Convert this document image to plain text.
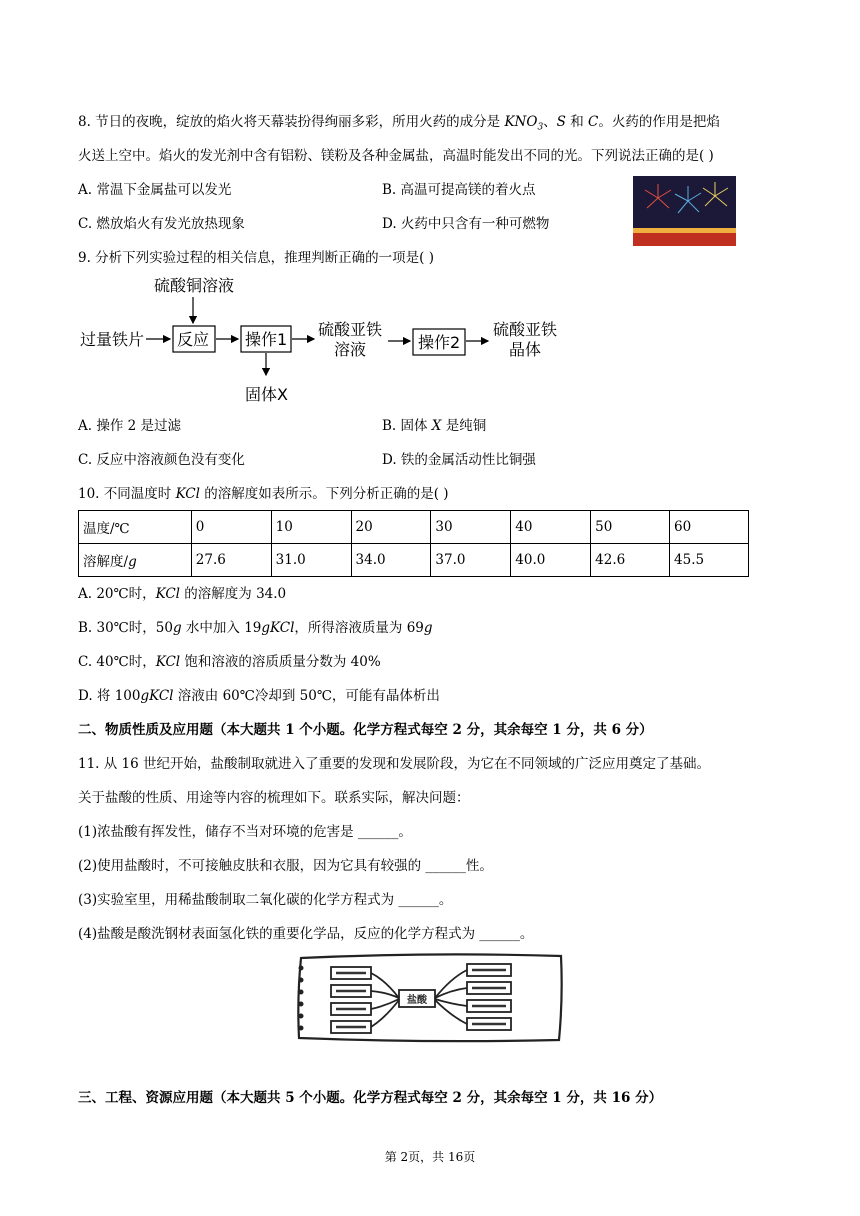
8. 节日的夜晚，绽放的焰火将天幕装扮得绚丽多彩，所用火药的成分是 $KNO_3$、S 和 C。火药的作用是把焰
火送上空中。焰火的发光剂中含有铝粉、镁粉及各种金属盐，高温时能发出不同的光。下列说法正确的是( )
A. 常温下金属盐可以发光	B. 高温可提高镁的着火点
C. 燃放焰火有发光放热现象	D. 火药中只含有一种可燃物
9. 分析下列实验过程的相关信息，推理判断正确的一项是( )
硫酸铜溶液
过量铁片 反应 操作1
固体X
硫酸亚铁
溶液	操作2
硫酸亚铁
晶体
A. 操作 2 是过滤	B. 固体 X 是纯铜
C. 反应中溶液颜色没有变化	D. 铁的金属活动性比铜强
10. 不同温度时 KCl 的溶解度如表所示。下列分析正确的是( )
温度/℃	0	10	20	30	40	50	60
溶解度/g	27.6	31.0	34.0	37.0	40.0	42.6	45.5
A. 20℃时，KCl 的溶解度为 34.0
B. 30℃时，50g 水中加入 19gKCl，所得溶液质量为 69g
C. 40℃时，KCl 饱和溶液的溶质质量分数为 40%
D. 将 100gKCl 溶液由 60℃冷却到 50℃，可能有晶体析出
二、物质性质及应用题（本大题共 1 个小题。化学方程式每空 2 分，其余每空 1 分，共 6 分）
11. 从 16 世纪开始，盐酸制取就进入了重要的发现和发展阶段，为它在不同领域的广泛应用奠定了基础。
关于盐酸的性质、用途等内容的梳理如下。联系实际，解决问题：
(1)浓盐酸有挥发性，储存不当对环境的危害是 ______。
(2)使用盐酸时，不可接触皮肤和衣服，因为它具有较强的 ______性。
(3)实验室里，用稀盐酸制取二氧化碳的化学方程式为 ______。
(4)盐酸是酸洗钢材表面氢化铁的重要化学品，反应的化学方程式为 ______。
盐酸
三、工程、资源应用题（本大题共 5 个小题。化学方程式每空 2 分，其余每空 1 分，共 16 分）
第 2页，共 16页
